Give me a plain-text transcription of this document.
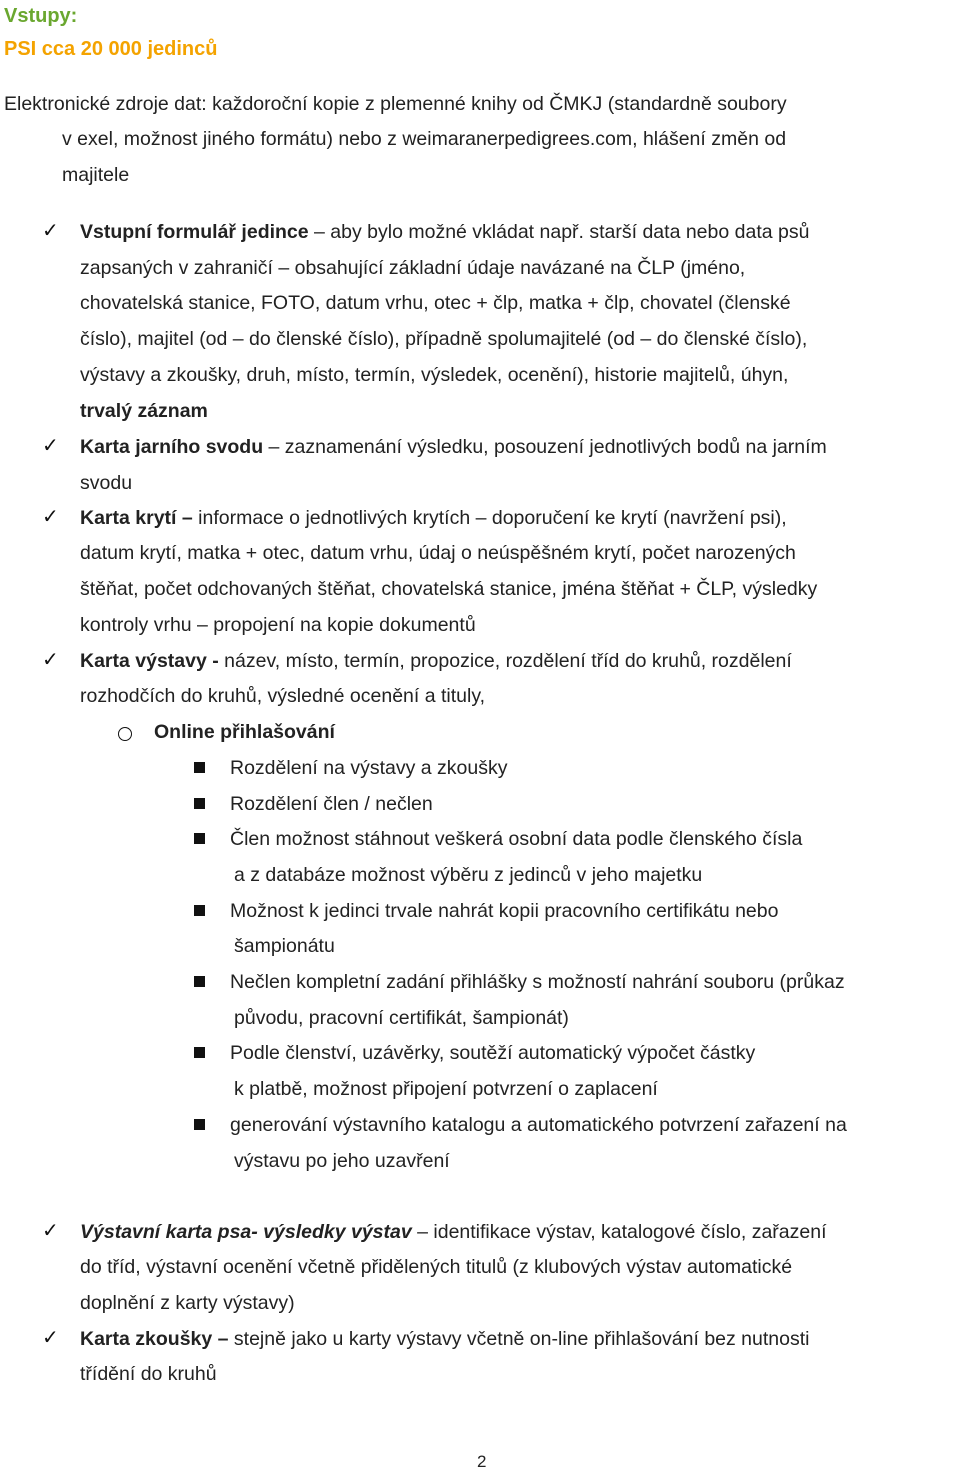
Vstupy:
PSI cca 20 000 jedinců
Elektronické zdroje dat: každoroční kopie z plemenné knihy od ČMKJ (standardně soubory
v exel, možnost jiného formátu) nebo z weimaranerpedigrees.com, hlášení změn od
majitele
✓ Vstupní formulář jedince – aby bylo možné vkládat např. starší data nebo data psů
zapsaných v zahraničí – obsahující základní údaje navázané na ČLP (jméno,
chovatelská stanice, FOTO, datum vrhu, otec + člp, matka + člp, chovatel (členské
číslo), majitel (od – do členské číslo), případně spolumajitelé (od – do členské číslo),
výstavy a zkoušky, druh, místo, termín, výsledek, ocenění), historie majitelů, úhyn,
trvalý záznam
✓ Karta jarního svodu – zaznamenání výsledku, posouzení jednotlivých bodů na jarním
svodu
✓ Karta krytí – informace o jednotlivých krytích – doporučení ke krytí (navržení psi),
datum krytí, matka + otec, datum vrhu, údaj o neúspěšném krytí, počet narozených
štěňat, počet odchovaných štěňat, chovatelská stanice, jména štěňat + ČLP, výsledky
kontroly vrhu – propojení na kopie dokumentů
✓ Karta výstavy - název, místo, termín, propozice, rozdělení tříd do kruhů, rozdělení
rozhodčích do kruhů, výsledné ocenění a tituly,
Online přihlašování
Rozdělení na výstavy a zkoušky
Rozdělení člen / nečlen
Člen možnost stáhnout veškerá osobní data podle členského čísla
a z databáze možnost výběru z jedinců v jeho majetku
Možnost k jedinci trvale nahrát kopii pracovního certifikátu nebo
šampionátu
Nečlen kompletní zadání přihlášky s možností nahrání souboru (průkaz
původu, pracovní certifikát, šampionát)
Podle členství, uzávěrky, soutěží automatický výpočet částky
k platbě, možnost připojení potvrzení o zaplacení
generování výstavního katalogu a automatického potvrzení zařazení na
výstavu po jeho uzavření
✓ Výstavní karta psa- výsledky výstav – identifikace výstav, katalogové číslo, zařazení
do tříd, výstavní ocenění včetně přidělených titulů (z klubových výstav automatické
doplnění z karty výstavy)
✓ Karta zkoušky – stejně jako u karty výstavy včetně on-line přihlašování bez nutnosti
třídění do kruhů
2
